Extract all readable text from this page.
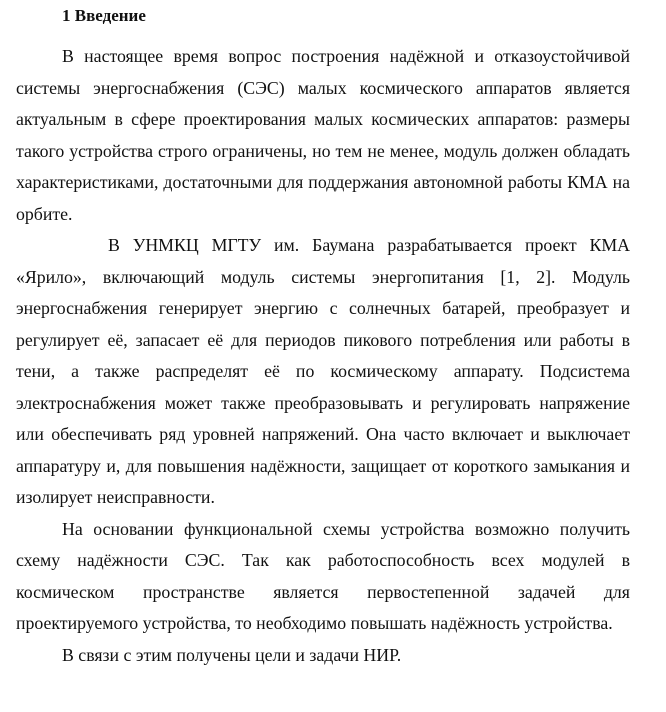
1 Введение

В настоящее время вопрос построения надёжной и отказоустойчивой системы энергоснабжения (СЭС) малых космического аппаратов является актуальным в сфере проектирования малых космических аппаратов: размеры такого устройства строго ограничены, но тем не менее, модуль должен обладать характеристиками, достаточными для поддержания автономной работы КМА на орбите.

В УНМКЦ МГТУ им. Баумана разрабатывается проект КМА «Ярило», включающий модуль системы энергопитания [1, 2]. Модуль энергоснабжения генерирует энергию с солнечных батарей, преобразует и регулирует её, запасает её для периодов пикового потребления или работы в тени, а также распределят её по космическому аппарату. Подсистема электроснабжения может также преобразовывать и регулировать напряжение или обеспечивать ряд уровней напряжений. Она часто включает и выключает аппаратуру и, для повышения надёжности, защищает от короткого замыкания и изолирует неисправности.

На основании функциональной схемы устройства возможно получить схему надёжности СЭС. Так как работоспособность всех модулей в космическом пространстве является первостепенной задачей для проектируемого устройства, то необходимо повышать надёжность устройства.

В связи с этим получены цели и задачи НИР.
